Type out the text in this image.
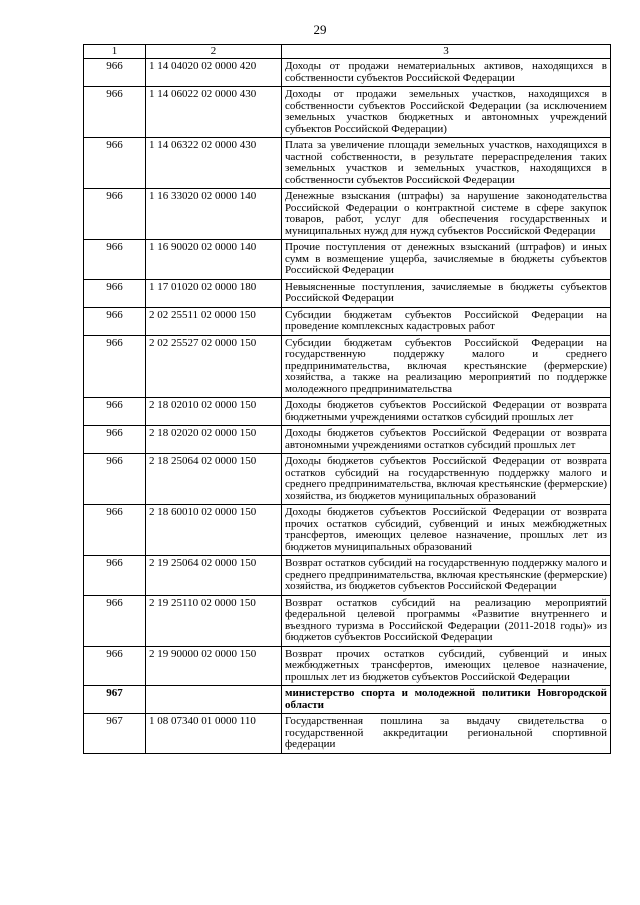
29
1	2	3
966	1 14 04020 02 0000 420	Доходы от продажи нематериальных активов, находящихся в собственности субъектов Российской Федерации
966	1 14 06022 02 0000 430	Доходы от продажи земельных участков, находящихся в собственности субъектов Российской Федерации (за исключением земельных участков бюджетных и автономных учреждений субъектов Российской Федерации)
966	1 14 06322 02 0000 430	Плата за увеличение площади земельных участков, находящихся в частной собственности, в результате перераспределения таких земельных участков и земельных участков, находящихся в собственности субъектов Российской Федерации
966	1 16 33020 02 0000 140	Денежные взыскания (штрафы) за нарушение законодательства Российской Федерации о контрактной системе в сфере закупок товаров, работ, услуг для обеспечения государственных и муниципальных нужд для нужд субъектов Российской Федерации
966	1 16 90020 02 0000 140	Прочие поступления от денежных взысканий (штрафов) и иных сумм в возмещение ущерба, зачисляемые в бюджеты субъектов Российской Федерации
966	1 17 01020 02 0000 180	Невыясненные поступления, зачисляемые в бюджеты субъектов Российской Федерации
966	2 02 25511 02 0000 150	Субсидии бюджетам субъектов Российской Федерации на проведение комплексных кадастровых работ
966	2 02 25527 02 0000 150	Субсидии бюджетам субъектов Российской Федерации на государственную поддержку малого и среднего предпринимательства, включая крестьянские (фермерские) хозяйства, а также на реализацию мероприятий по поддержке молодежного предпринимательства
966	2 18 02010 02 0000 150	Доходы бюджетов субъектов Российской Федерации от возврата бюджетными учреждениями остатков субсидий прошлых лет
966	2 18 02020 02 0000 150	Доходы бюджетов субъектов Российской Федерации от возврата автономными учреждениями остатков субсидий прошлых лет
966	2 18 25064 02 0000 150	Доходы бюджетов субъектов Российской Федерации от возврата остатков субсидий на государственную поддержку малого и среднего предпринимательства, включая крестьянские (фермерские) хозяйства, из бюджетов муниципальных образований
966	2 18 60010 02 0000 150	Доходы бюджетов субъектов Российской Федерации от возврата прочих остатков субсидий, субвенций и иных межбюджетных трансфертов, имеющих целевое назначение, прошлых лет из бюджетов муниципальных образований
966	2 19 25064 02 0000 150	Возврат остатков субсидий на государственную поддержку малого и среднего предпринимательства, включая крестьянские (фермерские) хозяйства, из бюджетов субъектов Российской Федерации
966	2 19 25110 02 0000 150	Возврат остатков субсидий на реализацию мероприятий федеральной целевой программы «Развитие внутреннего и въездного туризма в Российской Федерации (2011-2018 годы)» из бюджетов субъектов Российской Федерации
966	2 19 90000 02 0000 150	Возврат прочих остатков субсидий, субвенций и иных межбюджетных трансфертов, имеющих целевое назначение, прошлых лет из бюджетов субъектов Российской Федерации
967		министерство спорта и молодежной политики Новгородской области
967	1 08 07340 01 0000 110	Государственная пошлина за выдачу свидетельства о государственной аккредитации региональной спортивной федерации
